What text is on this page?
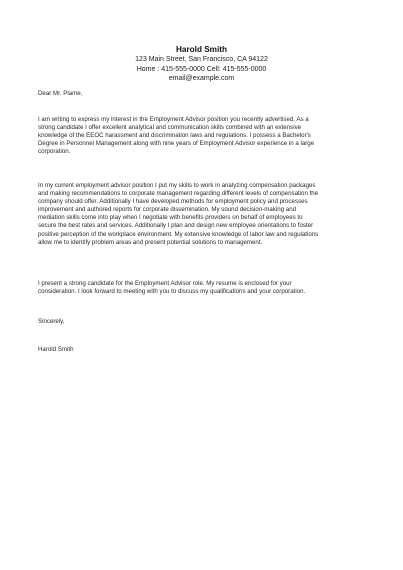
Harold Smith
123 Main Street, San Francisco, CA 94122
Home : 415-555-0000 Cell: 415-555-0000
email@example.com

Dear Mr. Plame,

I am writing to express my interest in the Employment Advisor position you recently advertised. As a
strong candidate I offer excellent analytical and communication skills combined with an extensive
knowledge of the EEOC harassment and discrimination laws and regulations. I possess a Bachelor's
Degree in Personnel Management along with nine years of Employment Advisor experience in a large
corporation.

In my current employment advisor position I put my skills to work in analyzing compensation packages
and making recommendations to corporate management regarding different levels of compensation the
company should offer. Additionally I have developed methods for employment policy and processes
improvement and authored reports for corporate dissemination. My sound decision-making and
mediation skills come into play when I negotiate with benefits providers on behalf of employees to
secure the best rates and services. Additionally I plan and design new employee orientations to foster
positive perception of the workplace environment. My extensive knowledge of labor law and regulations
allow me to identify problem areas and present potential solutions to management.

I present a strong candidate for the Employment Advisor role. My resume is enclosed for your
consideration. I look forward to meeting with you to discuss my qualifications and your corporation.

Sincerely,

Harold Smith
